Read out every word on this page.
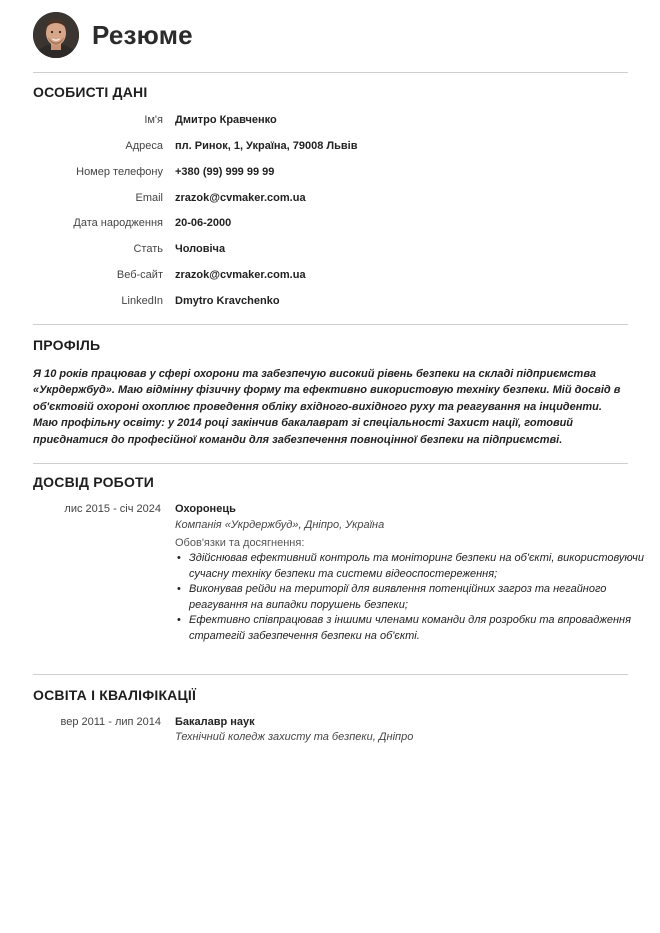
Резюме
ОСОБИСТІ ДАНІ
Ім'я Дмитро Кравченко
Адреса пл. Ринок, 1, Україна, 79008 Львів
Номер телефону +380 (99) 999 99 99
Email zrazok@cvmaker.com.ua
Дата народження 20-06-2000
Стать Чоловіча
Веб-сайт zrazok@cvmaker.com.ua
LinkedIn Dmytro Kravchenko
ПРОФІЛЬ
Я 10 років працював у сфері охорони та забезпечую високий рівень безпеки на складі підприємства «Укрдержбуд». Маю відмінну фізичну форму та ефективно використовую техніку безпеки. Мій досвід в об'єктовій охороні охоплює проведення обліку вхідного-вихідного руху та реагування на інциденти. Маю профільну освіту: у 2014 році закінчив бакалаврат зі спеціальності Захист нації, готовий приєднатися до професійної команди для забезпечення повноцінної безпеки на підприємстві.
ДОСВІД РОБОТИ
лис 2015 - січ 2024 Охоронець
Компанія «Укрдержбуд», Дніпро, Україна
Обов'язки та досягнення:
• Здійснював ефективний контроль та моніторинг безпеки на об'єкті, використовуючи сучасну техніку безпеки та системи відеоспостереження;
• Виконував рейди на території для виявлення потенційних загроз та негайного реагування на випадки порушень безпеки;
• Ефективно співпрацював з іншими членами команди для розробки та впровадження стратегій забезпечення безпеки на об'єкті.
ОСВІТА І КВАЛІФІКАЦІЇ
вер 2011 - лип 2014 Бакалавр наук
Технічний коледж захисту та безпеки, Дніпро
